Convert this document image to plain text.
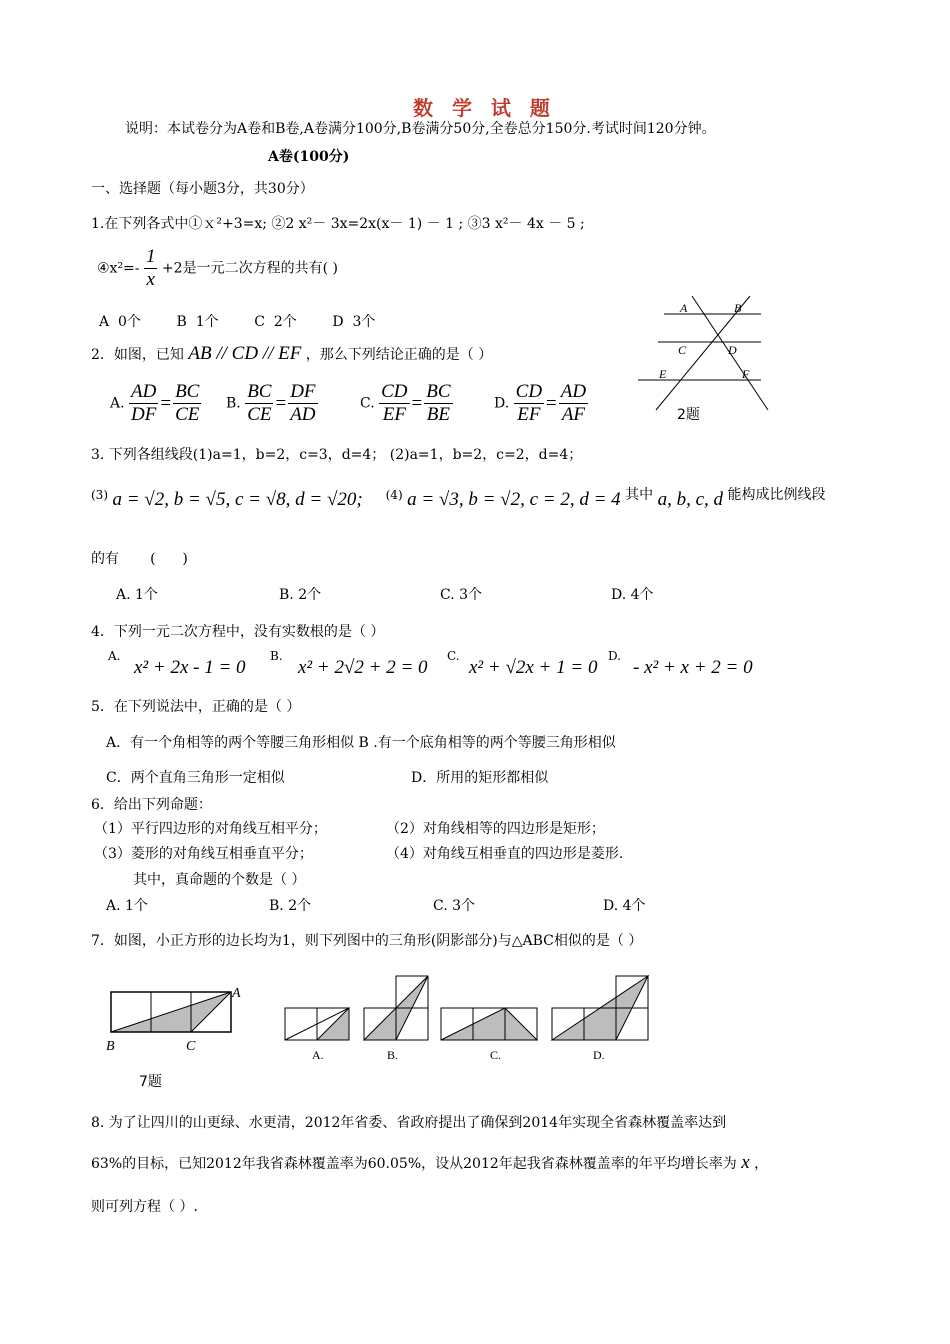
数 学 试 题
说明：本试卷分为A卷和B卷,A卷满分100分,B卷满分50分,全卷总分150分.考试时间120分钟。
A卷(100分)
一、选择题（每小题3分，共30分）
1.在下列各式中①ｘ²+3=x; ②2 x²－ 3x=2x(x－ 1) － 1 ; ③3 x²－ 4x － 5 ;
④x²=- $\frac{1}{x} +2$是一元二次方程的共有( )
A  0个        B  1个        C  2个        D  3个
A	B
C	D
E	F
2题
2．如图，已知 AB // CD // EF ，那么下列结论正确的是（ ）
A. $\frac{AD}{DF} = \frac{BC}{CE} B$. $\frac{BC}{CE} = \frac{DF}{AD}$	C. $\frac{CD}{EF} = \frac{BC}{BE}$	D. $\frac{CD}{EF} = \frac{AD}{AF}$
3. 下列各组线段(1)a=1，b=2，c=3，d=4； (2)a=1，b=2，c=2，d=4；
(3) a = √2, b = √5, c = √8, d = √20; (4) a = √3, b = √2, c = 2, d = 4 其中 a, b, c, d 能构成比例线段
的有       (      )
A. 1个	B. 2个	C. 3个	D. 4个
4．下列一元二次方程中，没有实数根的是（ ）
A.
x² + 2x - 1 = 0
B.
x² + 2√2 + 2 = 0
C.
x² + √2x + 1 = 0
D.
- x² + x + 2 = 0
5．在下列说法中，正确的是（ ）
A．有一个角相等的两个等腰三角形相似 B .有一个底角相等的两个等腰三角形相似
C．两个直角三角形一定相似	D．所用的矩形都相似
6．给出下列命题：
（1）平行四边形的对角线互相平分；	（2）对角线相等的四边形是矩形；
（3）菱形的对角线互相垂直平分；	（4）对角线互相垂直的四边形是菱形.
其中，真命题的个数是（ ）
A. 1个	B. 2个	C. 3个	D. 4个
7．如图，小正方形的边长均为1，则下列图中的三角形(阴影部分)与△ABC相似的是（ ）
A
B	C
A.	B.	C.	D.
7题
8. 为了让四川的山更绿、水更清，2012年省委、省政府提出了确保到2014年实现全省森林覆盖率达到
63%的目标，已知2012年我省森林覆盖率为60.05%，设从2012年起我省森林覆盖率的年平均增长率为 x ，
则可列方程（ ）.
